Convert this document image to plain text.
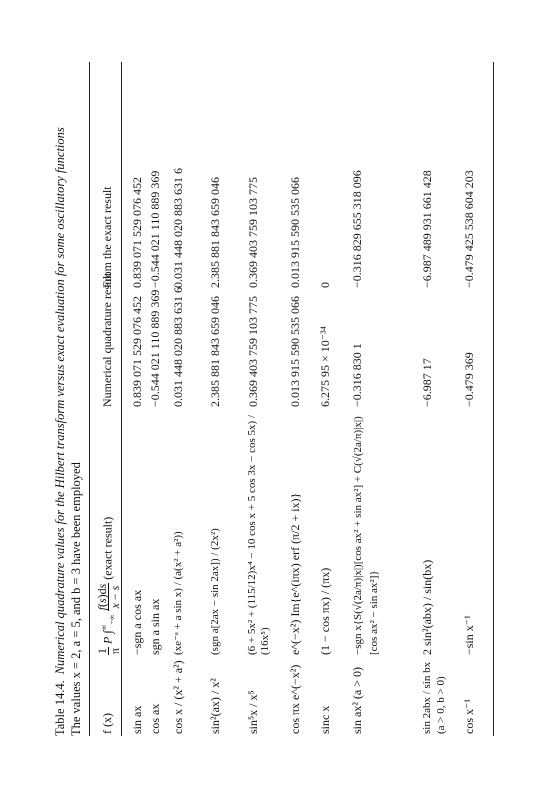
Table 14.4.Numerical quadrature values for the Hilbert transform versus exact evaluation for some oscillatory functions The values x = 2, a = 5, and b = 3 have been employed f (x)
1 π
P $\int^\infty_{-\infty}$
f(s)ds
x − s
(exact result)
Numerical quadrature result
From the exact result
sin ax
−sgn a cos ax
0.839 071 529 076 452
0.839 071 529 076 452
cos ax
sgn a sin ax
−0.544 021 110 889 369
−0.544 021 110 889 369
cos x / (x² + a²)
(xe⁻ᵃ + a sin x) / (a(x² + a²))
0.031 448 020 883 631 6
0.031 448 020 883 631 6
sin²(ax) / x²
(sgn a[2ax − sin 2ax]) / (2x²)
2.385 881 843 659 046
2.385 881 843 659 046
sin⁵x / x⁵
(6 + 5x² + (115/12)x⁴ − 10 cos x + 5 cos 3x − cos 5x) / (16x⁵)
0.369 403 759 103 775
0.369 403 759 103 775
cos πx e^(−x²)
e^(−x²) Im{e^(iπx) erf (π/2 + ix)}
0.013 915 590 535 066
0.013 915 590 535 066
sinc x
(1 − cos πx) / (πx)
6.275 95 × 10⁻³⁴
0
sin ax² (a > 0)
−sgn x{S(√(2a/π)|x|)[cos ax² + sin ax²] + C(√(2a/π)|x|)[cos ax² − sin ax²]}
−0.316 830 1
−0.316 829 655 318 096
sin 2abx / sin bx (a > 0, b > 0)
2 sin²(abx) / sin(bx)
−6.987 17
−6.987 489 931 661 428
cos x⁻¹
−sin x⁻¹
−0.479 369
−0.479 425 538 604 203
